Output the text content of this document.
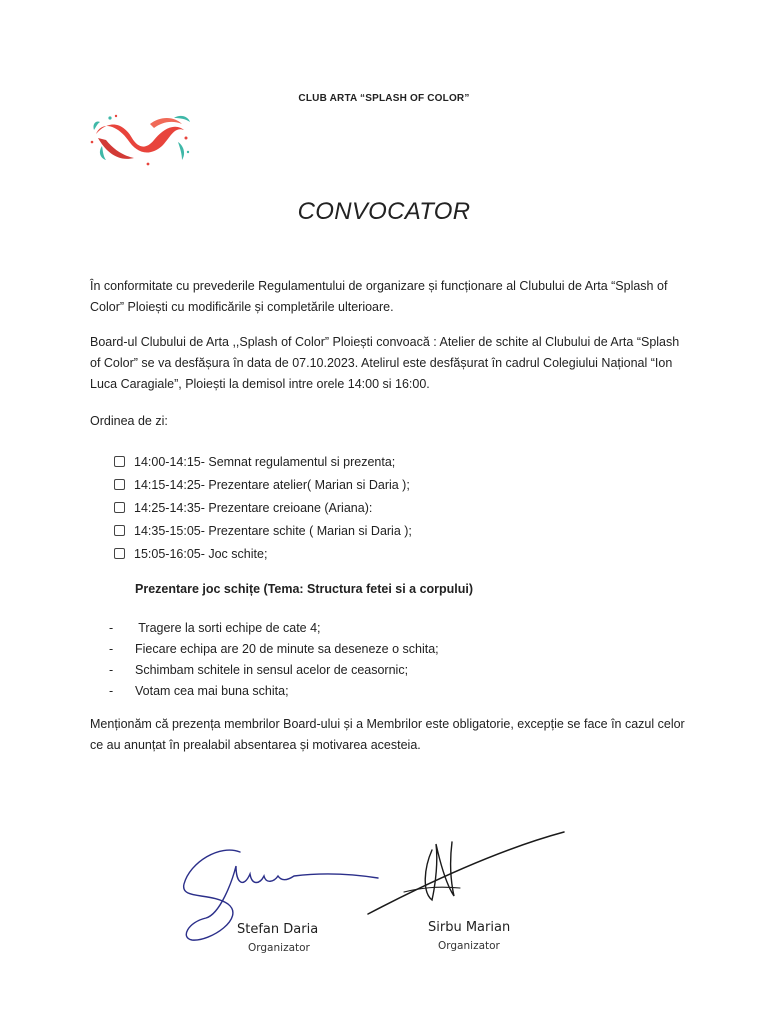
CLUB ARTA “SPLASH OF COLOR”
CONVOCATOR

În conformitate cu prevederile Regulamentului de organizare și funcționare al Clubului de Arta “Splash of Color” Ploiești cu modificările și completările ulterioare.

Board-ul Clubului de Arta ,,Splash of Color” Ploiești convoacă : Atelier de schite al Clubului de Arta “Splash of Color” se va desfășura în data de 07.10.2023. Atelirul este desfășurat în cadrul Colegiului Național “Ion Luca Caragiale”, Ploiești la demisol intre orele 14:00 si 16:00.

Ordinea de zi:

14:00-14:15- Semnat regulamentul si prezenta;
14:15-14:25- Prezentare atelier( Marian si Daria );
14:25-14:35- Prezentare creioane (Ariana):
14:35-15:05- Prezentare schite ( Marian si Daria );
15:05-16:05- Joc schite;

Prezentare joc schițe (Tema: Structura fetei si a corpului)

-	Tragere la sorti echipe de cate 4;
-	Fiecare echipa are 20 de minute sa deseneze o schita;
-	Schimbam schitele in sensul acelor de ceasornic;
-	Votam cea mai buna schita;

Menționăm că prezența membrilor Board-ului și a Membrilor este obligatorie, excepție se face în cazul celor ce au anunțat în prealabil absentarea și motivarea acesteia.

Stefan Daria
Organizator
Sirbu Marian
Organizator
